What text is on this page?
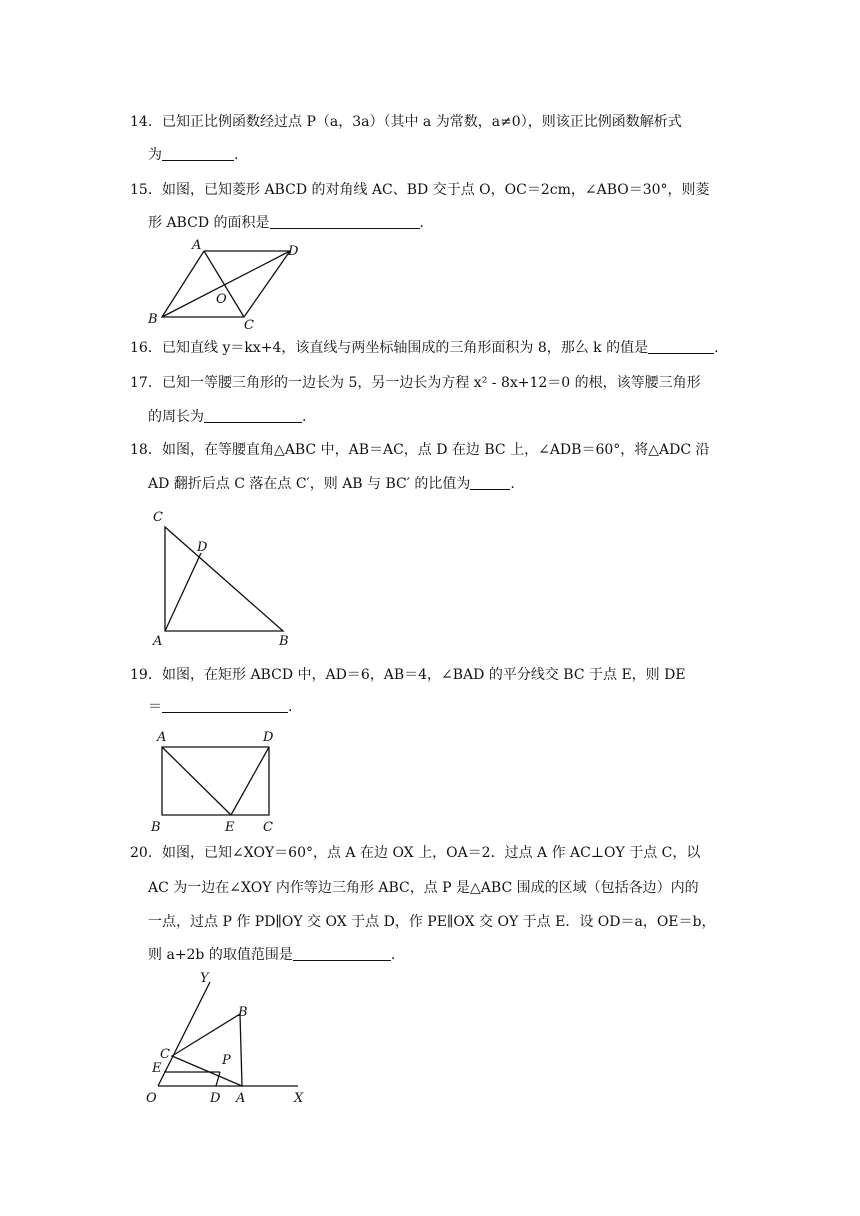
14． 已知正比例函数经过点 P（a，3a）（其中 a 为常数，a≠0），则该正比例函数解析式
为	.
15． 如图，已知菱形 ABCD 的对角线 AC、BD 交于点 O，OC＝2cm，∠ABO＝30°，则菱
形 ABCD 的面积是	.
A	D
B	C
O
16． 已知直线 y＝kx+4，该直线与两坐标轴围成的三角形面积为 8，那么 k 的值是	.
17． 已知一等腰三角形的一边长为 5，另一边长为方程 x² ‑ 8x+12＝0 的根，该等腰三角形
的周长为	.
18． 如图，在等腰直角△ABC 中，AB＝AC，点 D 在边 BC 上，∠ADB＝60°，将△ADC 沿
AD 翻折后点 C 落在点 C′，则 AB 与 BC′ 的比值为	.
C
D
A	B
19． 如图，在矩形 ABCD 中，AD＝6，AB＝4，∠BAD 的平分线交 BC 于点 E，则 DE
＝	.
A	D
B	E C
20． 如图，已知∠XOY＝60°，点 A 在边 OX 上，OA＝2．过点 A 作 AC⊥OY 于点 C，以
AC 为一边在∠XOY 内作等边三角形 ABC，点 P 是△ABC 围成的区域（包括各边）内的
一点，过点 P 作 PD∥OY 交 OX 于点 D，作 PE∥OX 交 OY 于点 E．设 OD＝a，OE＝b，
则 a+2b 的取值范围是	.
Y
B
C	P
E
O	D A	X
